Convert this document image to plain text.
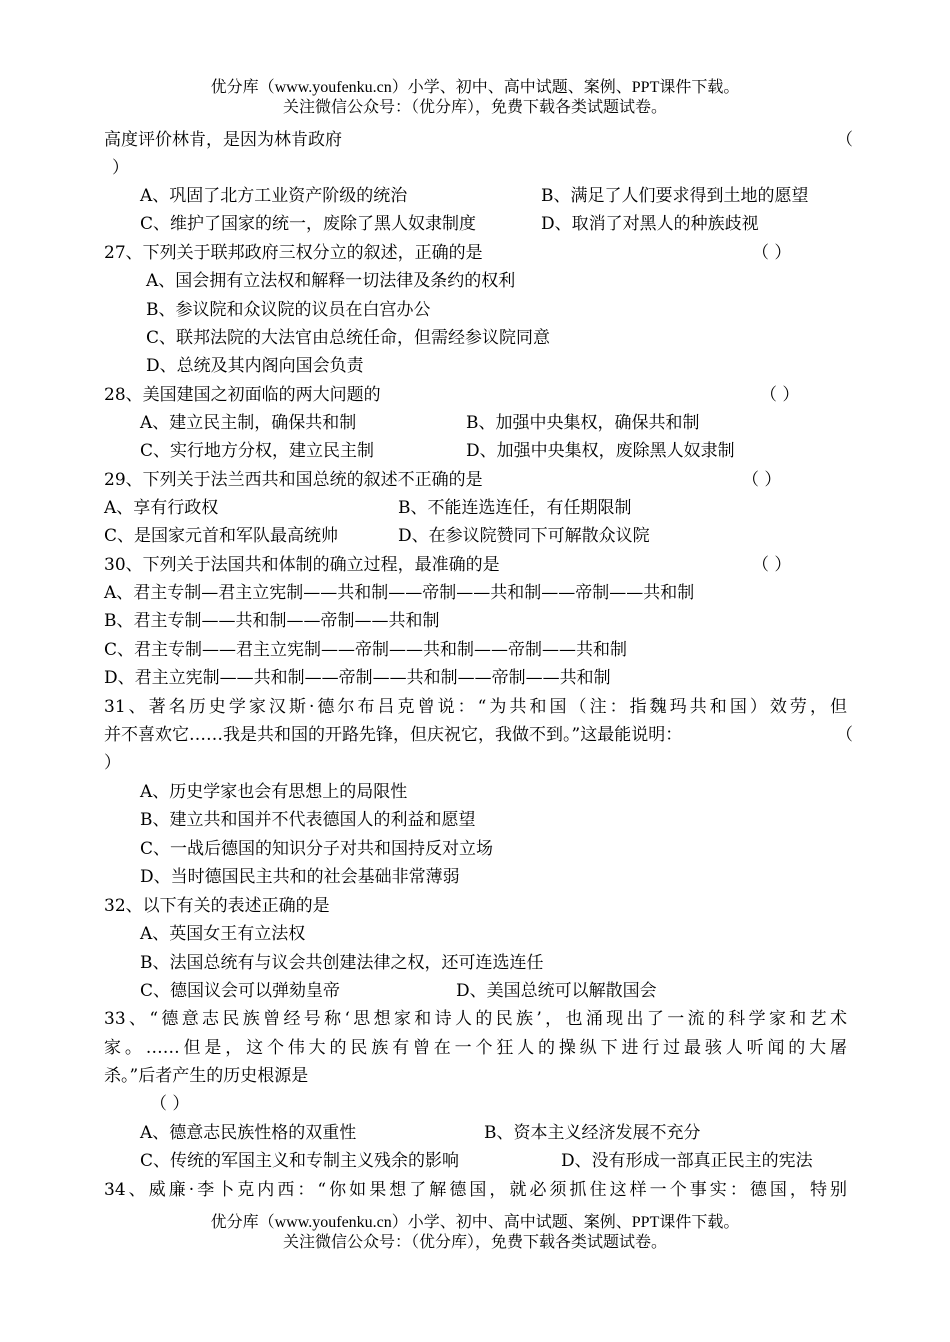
优分库（www.youfenku.cn）小学、初中、高中试题、案例、PPT课件下载。
关注微信公众号：（优分库），免费下载各类试题试卷。
高度评价林肯，是因为林肯政府	（
）
A、巩固了北方工业资产阶级的统治	B、满足了人们要求得到土地的愿望
C、维护了国家的统一，废除了黑人奴隶制度	D、取消了对黑人的种族歧视
27、下列关于联邦政府三权分立的叙述，正确的是	（ ）
A、国会拥有立法权和解释一切法律及条约的权利
B、参议院和众议院的议员在白宫办公
C、联邦法院的大法官由总统任命，但需经参议院同意
D、总统及其内阁向国会负责
28、美国建国之初面临的两大问题的	（ ）
A、建立民主制，确保共和制	B、加强中央集权，确保共和制
C、实行地方分权，建立民主制	D、加强中央集权，废除黑人奴隶制
29、下列关于法兰西共和国总统的叙述不正确的是	（ ）
A、享有行政权	B、不能连选连任，有任期限制
C、是国家元首和军队最高统帅	D、在参议院赞同下可解散众议院
30、下列关于法国共和体制的确立过程，最准确的是	（ ）
A、君主专制—君主立宪制——共和制——帝制——共和制——帝制——共和制
B、君主专制——共和制——帝制——共和制
C、君主专制——君主立宪制——帝制——共和制——帝制——共和制
D、君主立宪制——共和制——帝制——共和制——帝制——共和制
31、著名历史学家汉斯·德尔布吕克曾说：“为共和国（注：指魏玛共和国）效劳，但
并不喜欢它……我是共和国的开路先锋，但庆祝它，我做不到。”这最能说明：	（
）
A、历史学家也会有思想上的局限性
B、建立共和国并不代表德国人的利益和愿望
C、一战后德国的知识分子对共和国持反对立场
D、当时德国民主共和的社会基础非常薄弱
32、以下有关的表述正确的是
A、英国女王有立法权
B、法国总统有与议会共创建法律之权，还可连选连任
C、德国议会可以弹劾皇帝	D、美国总统可以解散国会
33、“德意志民族曾经号称‘思想家和诗人的民族’，也涌现出了一流的科学家和艺术
家。……但是，这个伟大的民族有曾在一个狂人的操纵下进行过最骇人听闻的大屠
杀。”后者产生的历史根源是
（ ）
A、德意志民族性格的双重性	B、资本主义经济发展不充分
C、传统的军国主义和专制主义残余的影响	D、没有形成一部真正民主的宪法
34、威廉·李卜克内西：“你如果想了解德国，就必须抓住这样一个事实：德国，特别
优分库（www.youfenku.cn）小学、初中、高中试题、案例、PPT课件下载。
关注微信公众号：（优分库），免费下载各类试题试卷。
